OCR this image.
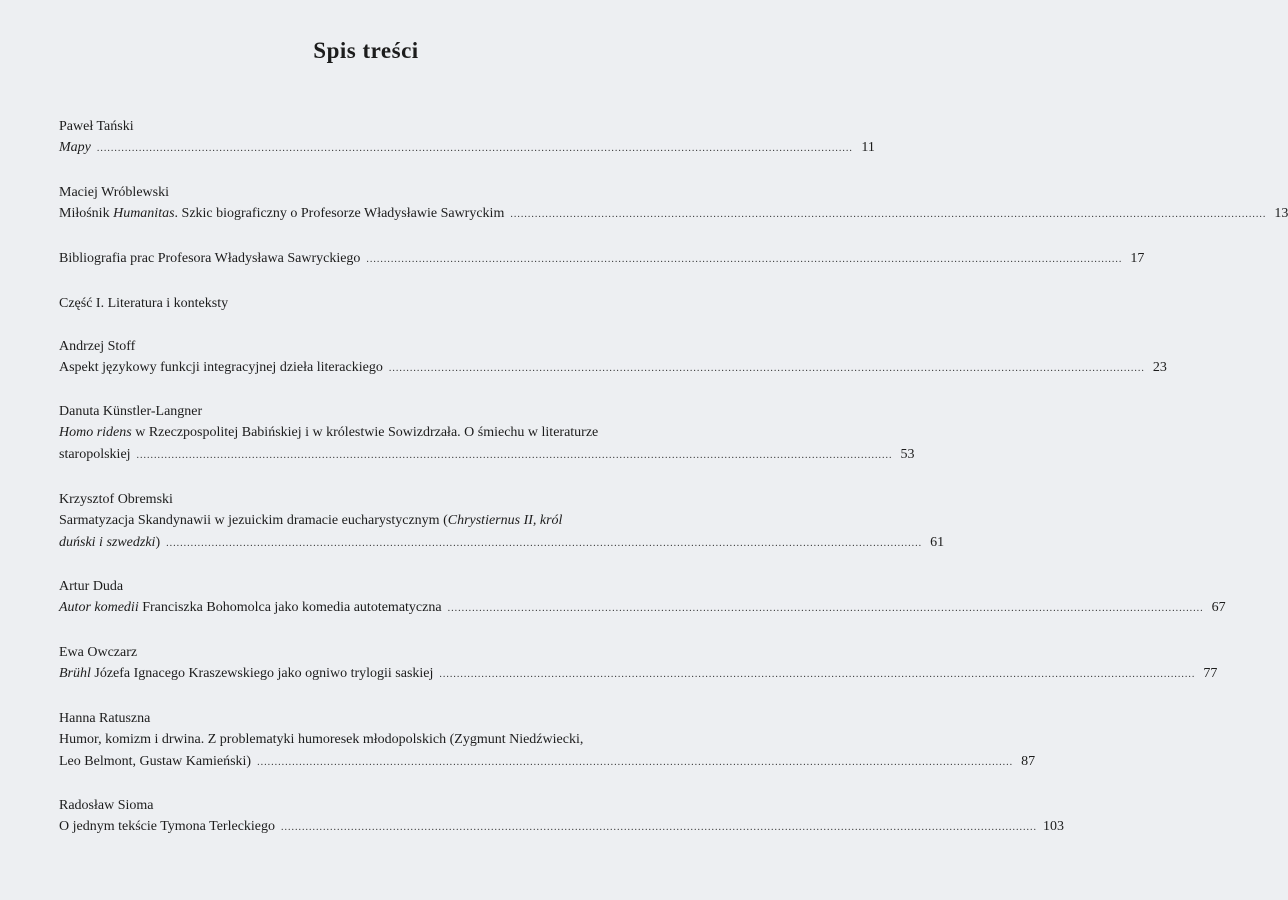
Spis treści
Paweł Tański
Mapy ........................................................................................................................................................................................................................ 11
Maciej Wróblewski
Miłośnik Humanitas. Szkic biograficzny o Profesorze Władysławie Sawryckim ........................................................................................................................................................................................................................ 13
Bibliografia prac Profesora Władysława Sawryckiego ........................................................................................................................................................................................................................ 17
Część I. Literatura i konteksty
Andrzej Stoff
Aspekt językowy funkcji integracyjnej dzieła literackiego ........................................................................................................................................................................................................................ 23
Danuta Künstler-Langner
Homo ridens w Rzeczpospolitej Babińskiej i w królestwie Sowizdrzała. O śmiechu w literaturze
staropolskiej ........................................................................................................................................................................................................................ 53
Krzysztof Obremski
Sarmatyzacja Skandynawii w jezuickim dramacie eucharystycznym (Chrystiernus II, król
duński i szwedzki) ........................................................................................................................................................................................................................ 61
Artur Duda
Autor komedii Franciszka Bohomolca jako komedia autotematyczna ........................................................................................................................................................................................................................ 67
Ewa Owczarz
Brühl Józefa Ignacego Kraszewskiego jako ogniwo trylogii saskiej ........................................................................................................................................................................................................................ 77
Hanna Ratuszna
Humor, komizm i drwina. Z problematyki humoresek młodopolskich (Zygmunt Niedźwiecki,
Leo Belmont, Gustaw Kamieński) ........................................................................................................................................................................................................................ 87
Radosław Sioma
O jednym tekście Tymona Terleckiego ........................................................................................................................................................................................................................ 103
